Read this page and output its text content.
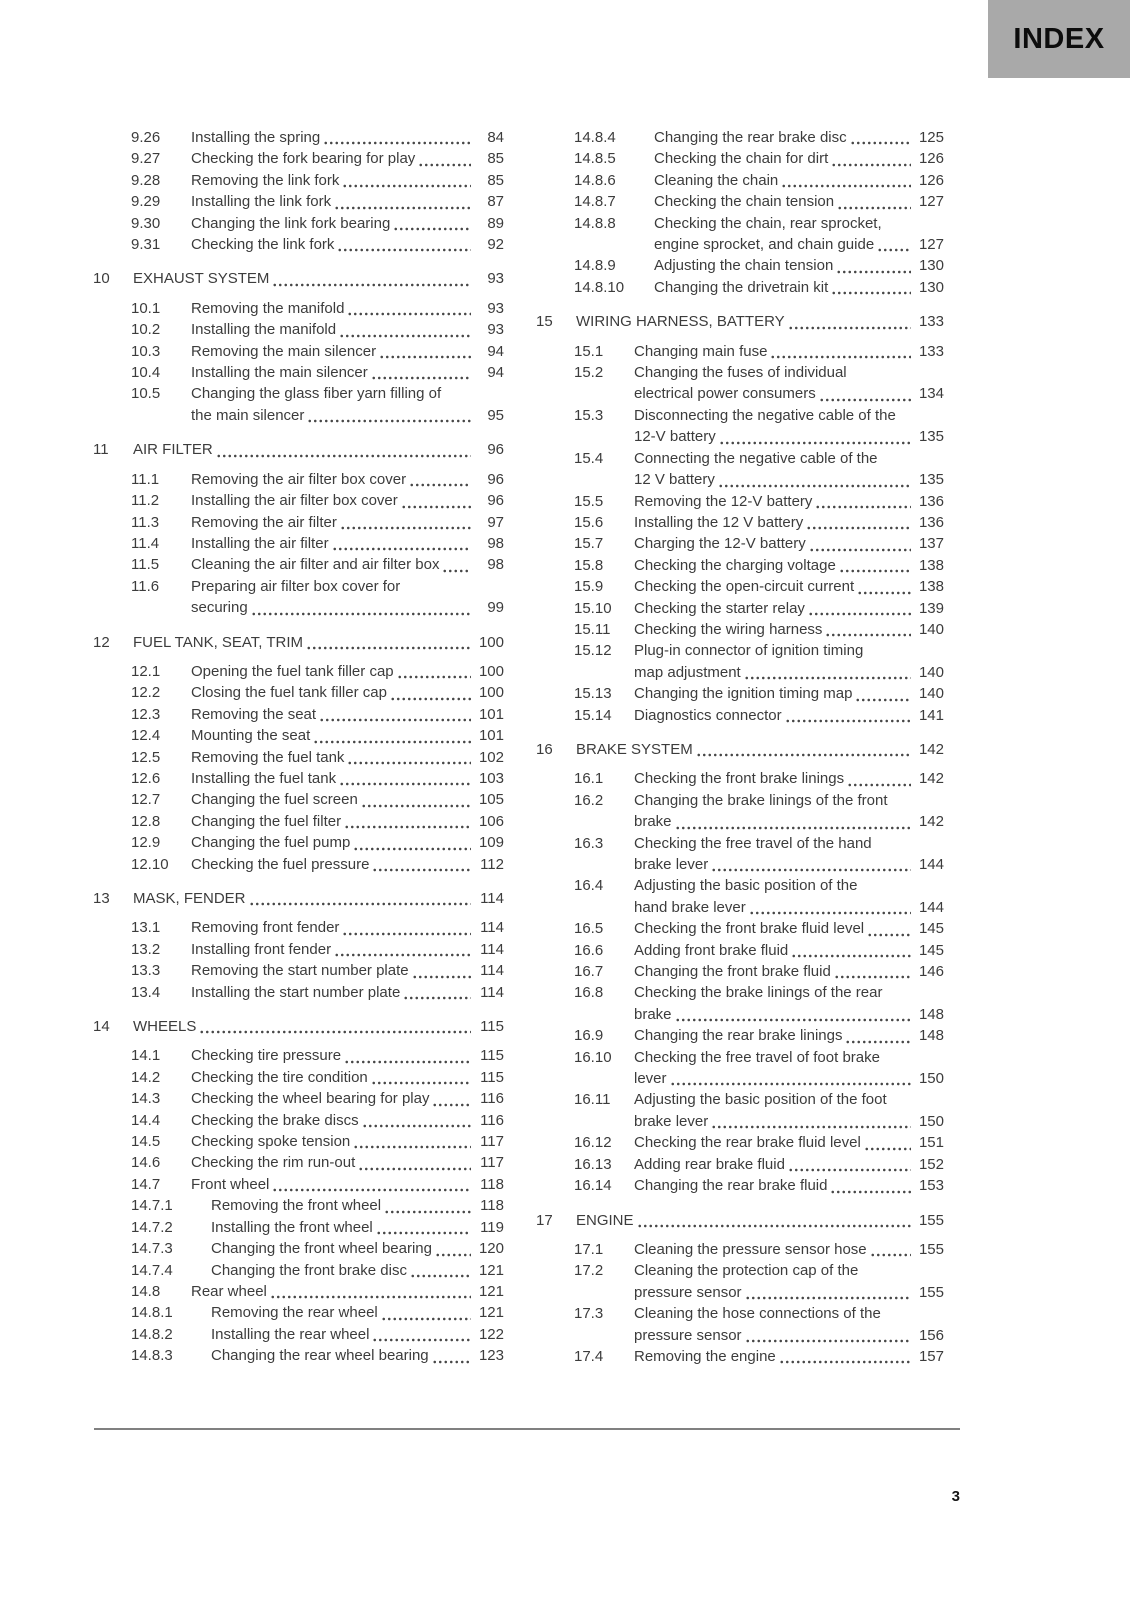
INDEX
9.26	Installing the spring	84
9.27	Checking the fork bearing for play	85
9.28	Removing the link fork	85
9.29	Installing the link fork	87
9.30	Changing the link fork bearing	89
9.31	Checking the link fork	92
10	EXHAUST SYSTEM	93
10.1	Removing the manifold	93
10.2	Installing the manifold	93
10.3	Removing the main silencer	94
10.4	Installing the main silencer	94
10.5	Changing the glass fiber yarn filling of
the main silencer	95
11	AIR FILTER	96
11.1	Removing the air filter box cover	96
11.2	Installing the air filter box cover	96
11.3	Removing the air filter	97
11.4	Installing the air filter	98
11.5	Cleaning the air filter and air filter box	98
11.6	Preparing air filter box cover for
securing	99
12	FUEL TANK, SEAT, TRIM	100
12.1	Opening the fuel tank filler cap	100
12.2	Closing the fuel tank filler cap	100
12.3	Removing the seat	101
12.4	Mounting the seat	101
12.5	Removing the fuel tank	102
12.6	Installing the fuel tank	103
12.7	Changing the fuel screen	105
12.8	Changing the fuel filter	106
12.9	Changing the fuel pump	109
12.10	Checking the fuel pressure	112
13	MASK, FENDER	114
13.1	Removing front fender	114
13.2	Installing front fender	114
13.3	Removing the start number plate	114
13.4	Installing the start number plate	114
14	WHEELS	115
14.1	Checking tire pressure	115
14.2	Checking the tire condition	115
14.3	Checking the wheel bearing for play	116
14.4	Checking the brake discs	116
14.5	Checking spoke tension	117
14.6	Checking the rim run-out	117
14.7	Front wheel	118
14.7.1	Removing the front wheel	118
14.7.2	Installing the front wheel	119
14.7.3	Changing the front wheel bearing	120
14.7.4	Changing the front brake disc	121
14.8	Rear wheel	121
14.8.1	Removing the rear wheel	121
14.8.2	Installing the rear wheel	122
14.8.3	Changing the rear wheel bearing	123
14.8.4	Changing the rear brake disc	125
14.8.5	Checking the chain for dirt	126
14.8.6	Cleaning the chain	126
14.8.7	Checking the chain tension	127
14.8.8	Checking the chain, rear sprocket,
engine sprocket, and chain guide	127
14.8.9	Adjusting the chain tension	130
14.8.10	Changing the drivetrain kit	130
15	WIRING HARNESS, BATTERY	133
15.1	Changing main fuse	133
15.2	Changing the fuses of individual
electrical power consumers	134
15.3	Disconnecting the negative cable of the
12-V battery	135
15.4	Connecting the negative cable of the
12 V battery	135
15.5	Removing the 12-V battery	136
15.6	Installing the 12 V battery	136
15.7	Charging the 12-V battery	137
15.8	Checking the charging voltage	138
15.9	Checking the open-circuit current	138
15.10	Checking the starter relay	139
15.11	Checking the wiring harness	140
15.12	Plug-in connector of ignition timing
map adjustment	140
15.13	Changing the ignition timing map	140
15.14	Diagnostics connector	141
16	BRAKE SYSTEM	142
16.1	Checking the front brake linings	142
16.2	Changing the brake linings of the front
brake	142
16.3	Checking the free travel of the hand
brake lever	144
16.4	Adjusting the basic position of the
hand brake lever	144
16.5	Checking the front brake fluid level	145
16.6	Adding front brake fluid	145
16.7	Changing the front brake fluid	146
16.8	Checking the brake linings of the rear
brake	148
16.9	Changing the rear brake linings	148
16.10	Checking the free travel of foot brake
lever	150
16.11	Adjusting the basic position of the foot
brake lever	150
16.12	Checking the rear brake fluid level	151
16.13	Adding rear brake fluid	152
16.14	Changing the rear brake fluid	153
17	ENGINE	155
17.1	Cleaning the pressure sensor hose	155
17.2	Cleaning the protection cap of the
pressure sensor	155
17.3	Cleaning the hose connections of the
pressure sensor	156
17.4	Removing the engine	157
3
